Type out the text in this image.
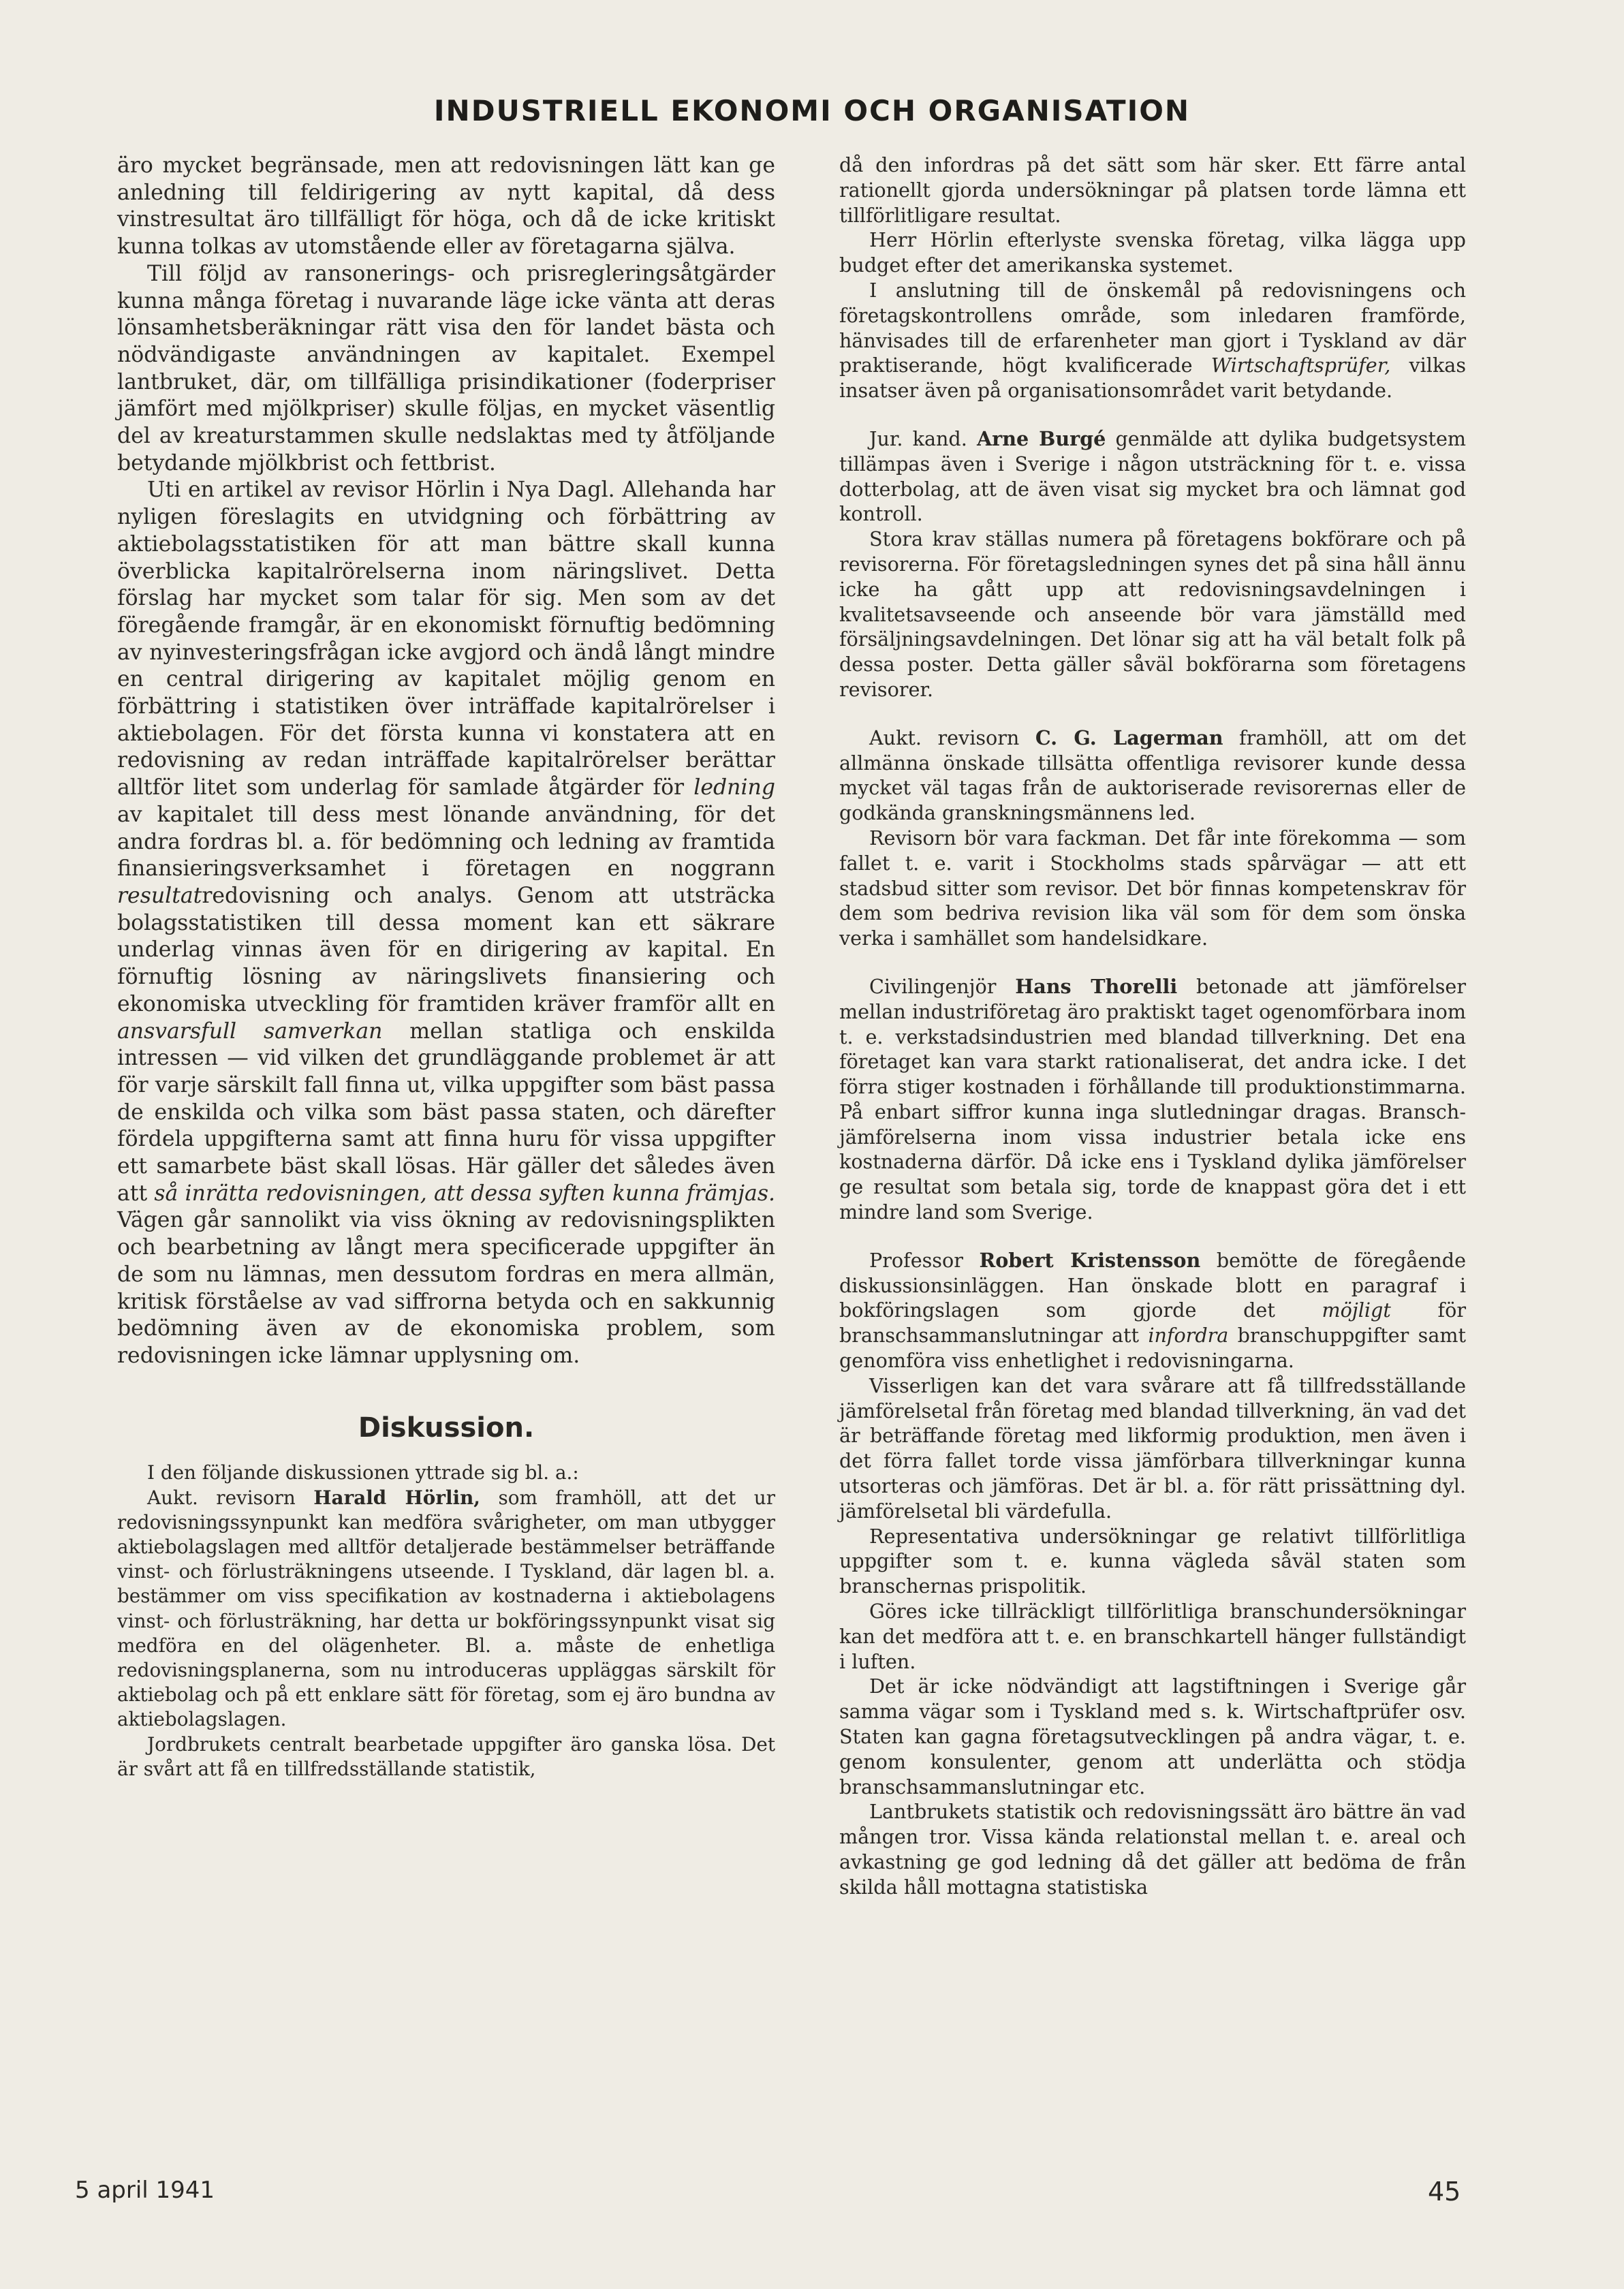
INDUSTRIELL EKONOMI OCH ORGANISATION

äro mycket begränsade, men att redovisningen lätt kan ge anledning till feldirigering av nytt kapital, då dess vinstresultat äro tillfälligt för höga, och då de icke kritiskt kunna tolkas av utomstående eller av företagarna själva.

Till följd av ransonerings- och prisregleringsåtgärder kunna många företag i nuvarande läge icke vänta att deras lönsamhetsberäkningar rätt visa den för landet bästa och nödvändigaste användningen av kapitalet. Exempel lantbruket, där, om tillfälliga prisindikationer (foderpriser jämfört med mjölkpriser) skulle följas, en mycket väsentlig del av kreaturstammen skulle nedslaktas med ty åtföljande betydande mjölkbrist och fettbrist.

Uti en artikel av revisor Hörlin i Nya Dagl. Allehanda har nyligen föreslagits en utvidgning och förbättring av aktiebolagsstatistiken för att man bättre skall kunna överblicka kapitalrörelserna inom näringslivet. Detta förslag har mycket som talar för sig. Men som av det föregående framgår, är en ekonomiskt förnuftig bedömning av nyinvesteringsfrågan icke avgjord och ändå långt mindre en central dirigering av kapitalet möjlig genom en förbättring i statistiken över inträffade kapitalrörelser i aktiebolagen. För det första kunna vi konstatera att en redovisning av redan inträffade kapitalrörelser berättar alltför litet som underlag för samlade åtgärder för ledning av kapitalet till dess mest lönande användning, för det andra fordras bl. a. för bedömning och ledning av framtida finansieringsverksamhet i företagen en noggrann resultatredovisning och analys. Genom att utsträcka bolagsstatistiken till dessa moment kan ett säkrare underlag vinnas även för en dirigering av kapital. En förnuftig lösning av näringslivets finansiering och ekonomiska utveckling för framtiden kräver framför allt en ansvarsfull samverkan mellan statliga och enskilda intressen — vid vilken det grundläggande problemet är att för varje särskilt fall finna ut, vilka uppgifter som bäst passa de enskilda och vilka som bäst passa staten, och därefter fördela uppgifterna samt att finna huru för vissa uppgifter ett samarbete bäst skall lösas. Här gäller det således även att så inrätta redovisningen, att dessa syften kunna främjas. Vägen går sannolikt via viss ökning av redovisningsplikten och bearbetning av långt mera specificerade uppgifter än de som nu lämnas, men dessutom fordras en mera allmän, kritisk förståelse av vad siffrorna betyda och en sakkunnig bedömning även av de ekonomiska problem, som redovisningen icke lämnar upplysning om.

Diskussion.

I den följande diskussionen yttrade sig bl. a.:

Aukt. revisorn Harald Hörlin, som framhöll, att det ur redovisningssynpunkt kan medföra svårigheter, om man utbygger aktiebolagslagen med alltför detaljerade bestämmelser beträffande vinst- och förlusträkningens utseende. I Tyskland, där lagen bl. a. bestämmer om viss specifikation av kostnaderna i aktiebolagens vinst- och förlusträkning, har detta ur bokföringssynpunkt visat sig medföra en del olägenheter. Bl. a. måste de enhetliga redovisningsplanerna, som nu introduceras uppläggas särskilt för aktiebolag och på ett enklare sätt för företag, som ej äro bundna av aktiebolagslagen.

Jordbrukets centralt bearbetade uppgifter äro ganska lösa. Det är svårt att få en tillfredsställande statistik,

då den infordras på det sätt som här sker. Ett färre antal rationellt gjorda undersökningar på platsen torde lämna ett tillförlitligare resultat.

Herr Hörlin efterlyste svenska företag, vilka lägga upp budget efter det amerikanska systemet.

I anslutning till de önskemål på redovisningens och företagskontrollens område, som inledaren framförde, hänvisades till de erfarenheter man gjort i Tyskland av där praktiserande, högt kvalificerade Wirtschaftsprüfer, vilkas insatser även på organisationsområdet varit betydande.

Jur. kand. Arne Burgé genmälde att dylika budgetsystem tillämpas även i Sverige i någon utsträckning för t. e. vissa dotterbolag, att de även visat sig mycket bra och lämnat god kontroll.

Stora krav ställas numera på företagens bokförare och på revisorerna. För företagsledningen synes det på sina håll ännu icke ha gått upp att redovisningsavdelningen i kvalitetsavseende och anseende bör vara jämställd med försäljningsavdelningen. Det lönar sig att ha väl betalt folk på dessa poster. Detta gäller såväl bokförarna som företagens revisorer.

Aukt. revisorn C. G. Lagerman framhöll, att om det allmänna önskade tillsätta offentliga revisorer kunde dessa mycket väl tagas från de auktoriserade revisorernas eller de godkända granskningsmännens led.

Revisorn bör vara fackman. Det får inte förekomma — som fallet t. e. varit i Stockholms stads spårvägar — att ett stadsbud sitter som revisor. Det bör finnas kompetenskrav för dem som bedriva revision lika väl som för dem som önska verka i samhället som handelsidkare.

Civilingenjör Hans Thorelli betonade att jämförelser mellan industriföretag äro praktiskt taget ogenomförbara inom t. e. verkstadsindustrien med blandad tillverkning. Det ena företaget kan vara starkt rationaliserat, det andra icke. I det förra stiger kostnaden i förhållande till produktionstimmarna. På enbart siffror kunna inga slutledningar dragas. Bransch-jämförelserna inom vissa industrier betala icke ens kostnaderna därför. Då icke ens i Tyskland dylika jämförelser ge resultat som betala sig, torde de knappast göra det i ett mindre land som Sverige.

Professor Robert Kristensson bemötte de föregående diskussionsinläggen. Han önskade blott en paragraf i bokföringslagen som gjorde det möjligt för branschsammanslutningar att infordra branschuppgifter samt genomföra viss enhetlighet i redovisningarna.

Visserligen kan det vara svårare att få tillfredsställande jämförelsetal från företag med blandad tillverkning, än vad det är beträffande företag med likformig produktion, men även i det förra fallet torde vissa jämförbara tillverkningar kunna utsorteras och jämföras. Det är bl. a. för rätt prissättning dyl. jämförelsetal bli värdefulla.

Representativa undersökningar ge relativt tillförlitliga uppgifter som t. e. kunna vägleda såväl staten som branschernas prispolitik.

Göres icke tillräckligt tillförlitliga branschundersökningar kan det medföra att t. e. en branschkartell hänger fullständigt i luften.

Det är icke nödvändigt att lagstiftningen i Sverige går samma vägar som i Tyskland med s. k. Wirtschaftprüfer osv. Staten kan gagna företagsutvecklingen på andra vägar, t. e. genom konsulenter, genom att underlätta och stödja branschsammanslutningar etc.

Lantbrukets statistik och redovisningssätt äro bättre än vad mången tror. Vissa kända relationstal mellan t. e. areal och avkastning ge god ledning då det gäller att bedöma de från skilda håll mottagna statistiska

5 april 1941	45
